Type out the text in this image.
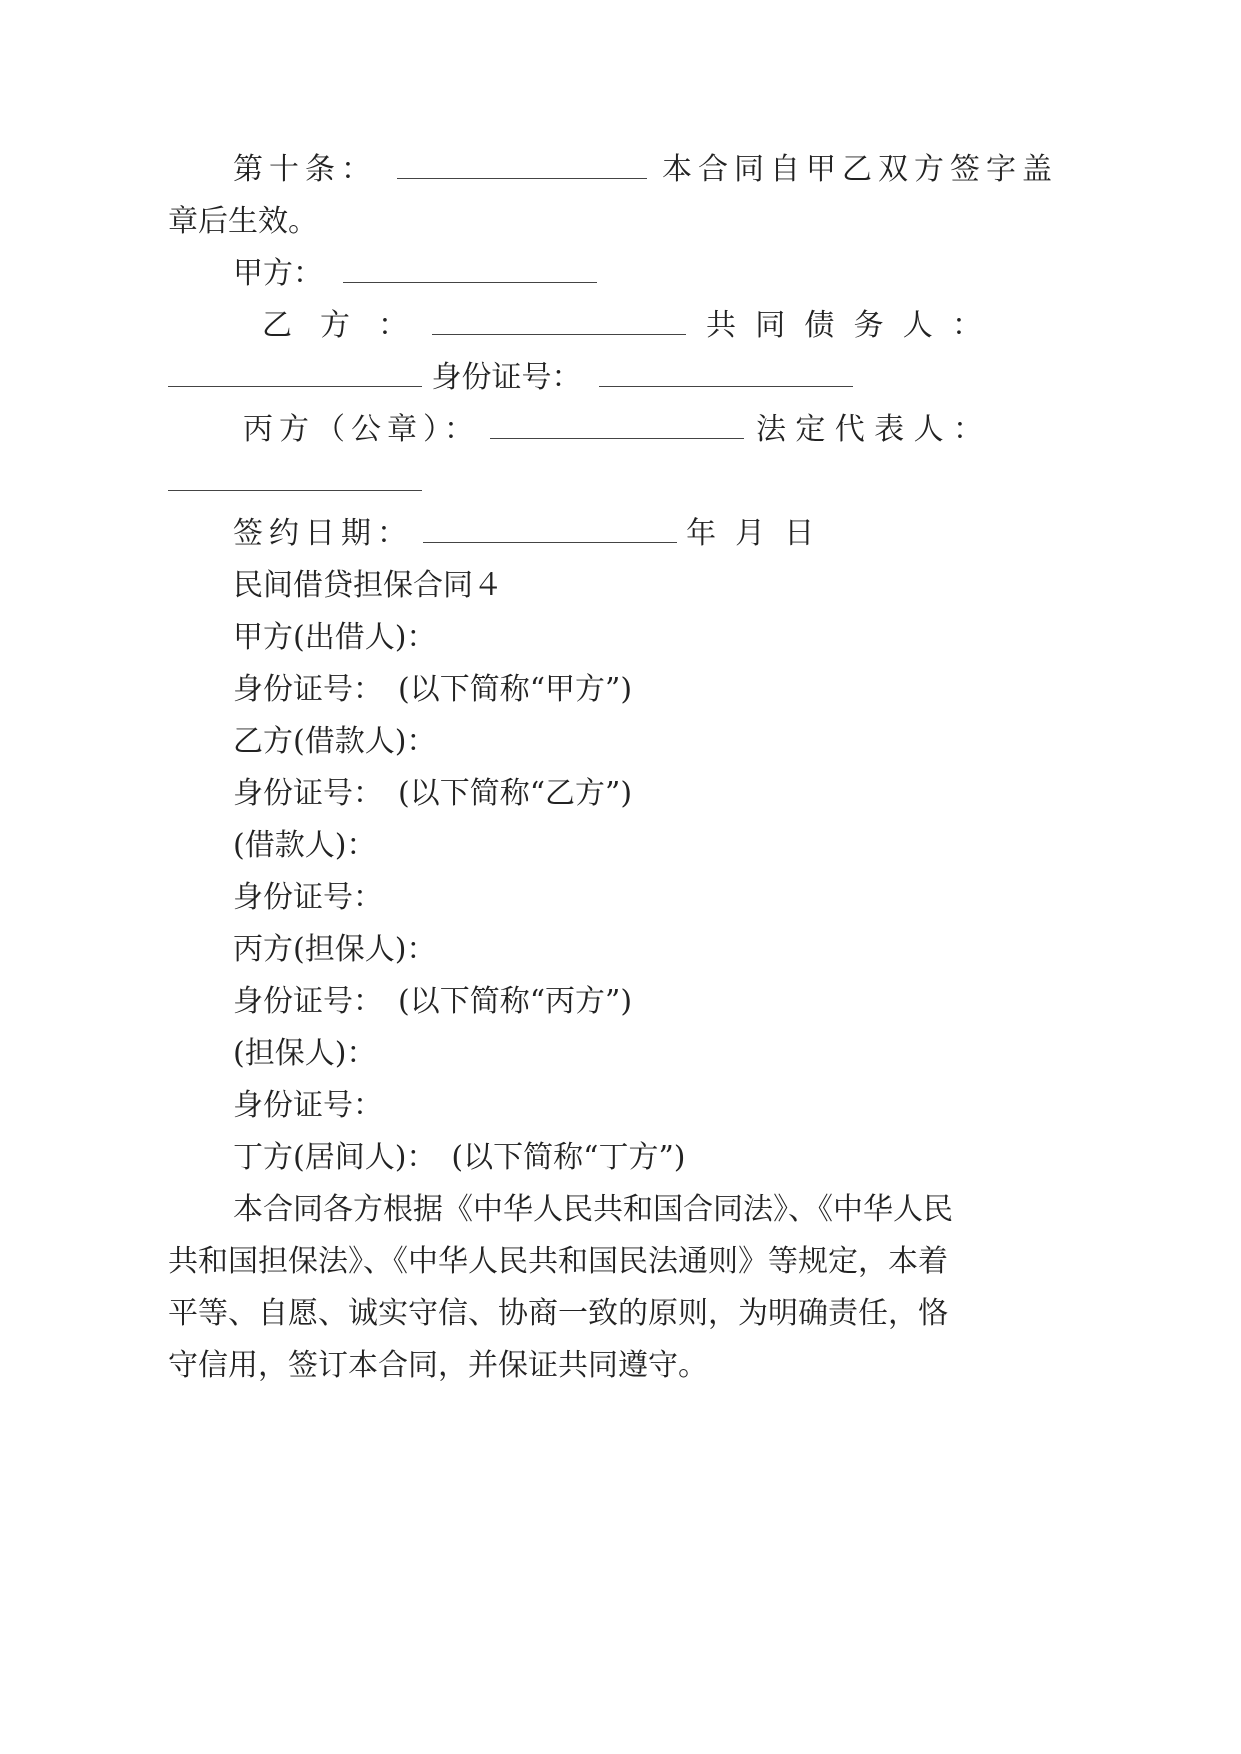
第十条：	本合同自甲乙双方签字盖
章后生效。
甲方：
乙 方 ：	共 同 债 务 人 ：
身份证号：
丙方（公章）：	法 定 代 表 人 ：
签约日期：	年  月  日
民间借贷担保合同４
甲方(出借人)：
身份证号：　(以下简称“甲方”)
乙方(借款人)：
身份证号：　(以下简称“乙方”)
(借款人)：
身份证号：
丙方(担保人)：
身份证号：　(以下简称“丙方”)
(担保人)：
身份证号：
丁方(居间人)：　(以下简称“丁方”)
本合同各方根据《中华人民共和国合同法》、《中华人民
共和国担保法》、《中华人民共和国民法通则》等规定，本着
平等、自愿、诚实守信、协商一致的原则，为明确责任，恪
守信用，签订本合同，并保证共同遵守。
